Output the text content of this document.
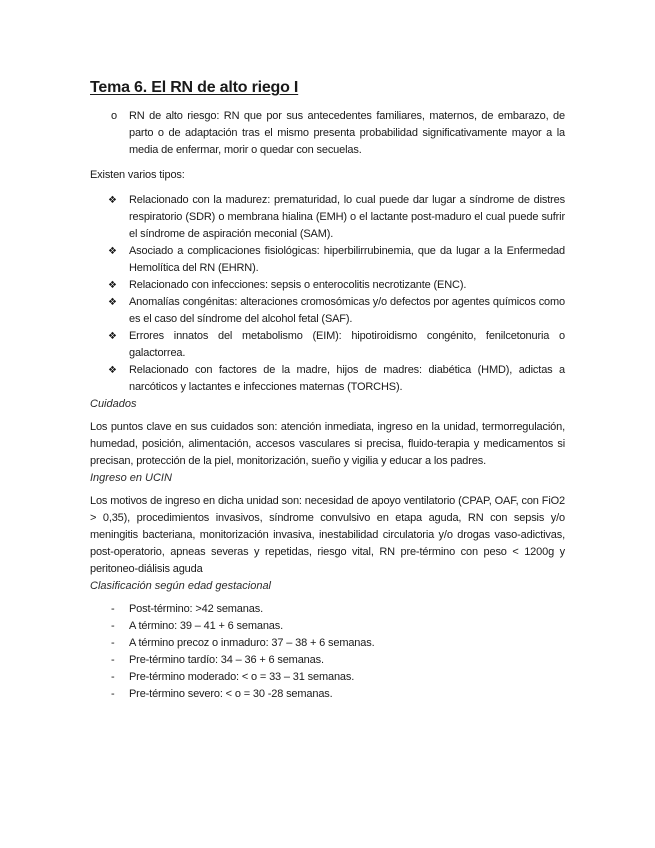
Tema 6. El RN de alto riego I
o	RN de alto riesgo: RN que por sus antecedentes familiares, maternos, de embarazo, de parto o de adaptación tras el mismo presenta probabilidad significativamente mayor a la media de enfermar, morir o quedar con secuelas.

Existen varios tipos:

❖	Relacionado con la madurez: prematuridad, lo cual puede dar lugar a síndrome de distres respiratorio (SDR) o membrana hialina (EMH) o el lactante post-maduro el cual puede sufrir el síndrome de aspiración meconial (SAM).
❖	Asociado a complicaciones fisiológicas: hiperbilirrubinemia, que da lugar a la Enfermedad Hemolítica del RN (EHRN).
❖	Relacionado con infecciones: sepsis o enterocolitis necrotizante (ENC).
❖	Anomalías congénitas: alteraciones cromosómicas y/o defectos por agentes químicos como es el caso del síndrome del alcohol fetal (SAF).
❖	Errores innatos del metabolismo (EIM): hipotiroidismo congénito, fenilcetonuria o galactorrea.
❖	Relacionado con factores de la madre, hijos de madres: diabética (HMD), adictas a narcóticos y lactantes e infecciones maternas (TORCHS).

Cuidados

Los puntos clave en sus cuidados son: atención inmediata, ingreso en la unidad, termorregulación, humedad, posición, alimentación, accesos vasculares si precisa, fluido-terapia y medicamentos si precisan, protección de la piel, monitorización, sueño y vigilia y educar a los padres.

Ingreso en UCIN

Los motivos de ingreso en dicha unidad son: necesidad de apoyo ventilatorio (CPAP, OAF, con FiO2 > 0,35), procedimientos invasivos, síndrome convulsivo en etapa aguda, RN con sepsis y/o meningitis bacteriana, monitorización invasiva, inestabilidad circulatoria y/o drogas vaso-adictivas, post-operatorio, apneas severas y repetidas, riesgo vital, RN pre-término con peso < 1200g y peritoneo-diálisis aguda

Clasificación según edad gestacional

-	Post-término: >42 semanas.
-	A término: 39 – 41 + 6 semanas.
-	A término precoz o inmaduro: 37 – 38 + 6 semanas.
-	Pre-término tardío: 34 – 36 + 6 semanas.
-	Pre-término moderado: < o = 33 – 31 semanas.
-	Pre-término severo: < o = 30 -28 semanas.
